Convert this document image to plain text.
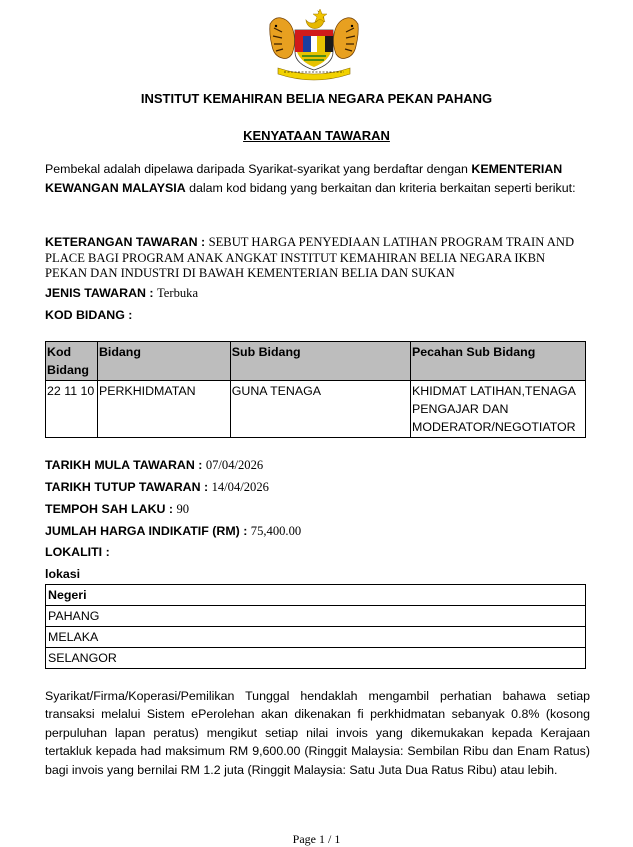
INSTITUT KEMAHIRAN BELIA NEGARA PEKAN PAHANG
KENYATAAN TAWARAN
Pembekal adalah dipelawa daripada Syarikat-syarikat yang berdaftar dengan KEMENTERIAN KEWANGAN MALAYSIA dalam kod bidang yang berkaitan dan kriteria berkaitan seperti berikut:
KETERANGAN TAWARAN : SEBUT HARGA PENYEDIAAN LATIHAN PROGRAM TRAIN AND PLACE BAGI PROGRAM ANAK ANGKAT INSTITUT KEMAHIRAN BELIA NEGARA IKBN PEKAN DAN INDUSTRI DI BAWAH KEMENTERIAN BELIA DAN SUKAN
JENIS TAWARAN : Terbuka
KOD BIDANG :
Kod Bidang	Bidang	Sub Bidang	Pecahan Sub Bidang
22 11 10	PERKHIDMATAN	GUNA TENAGA	KHIDMAT LATIHAN,TENAGA PENGAJAR DAN MODERATOR/NEGOTIATOR
TARIKH MULA TAWARAN : 07/04/2026
TARIKH TUTUP TAWARAN : 14/04/2026
TEMPOH SAH LAKU : 90
JUMLAH HARGA INDIKATIF (RM) : 75,400.00
LOKALITI :
lokasi
Negeri
PAHANG
MELAKA
SELANGOR
Syarikat/Firma/Koperasi/Pemilikan Tunggal hendaklah mengambil perhatian bahawa setiap transaksi melalui Sistem ePerolehan akan dikenakan fi perkhidmatan sebanyak 0.8% (kosong perpuluhan lapan peratus) mengikut setiap nilai invois yang dikemukakan kepada Kerajaan tertakluk kepada had maksimum RM 9,600.00 (Ringgit Malaysia: Sembilan Ribu dan Enam Ratus) bagi invois yang bernilai RM 1.2 juta (Ringgit Malaysia: Satu Juta Dua Ratus Ribu) atau lebih.
Page 1 / 1
